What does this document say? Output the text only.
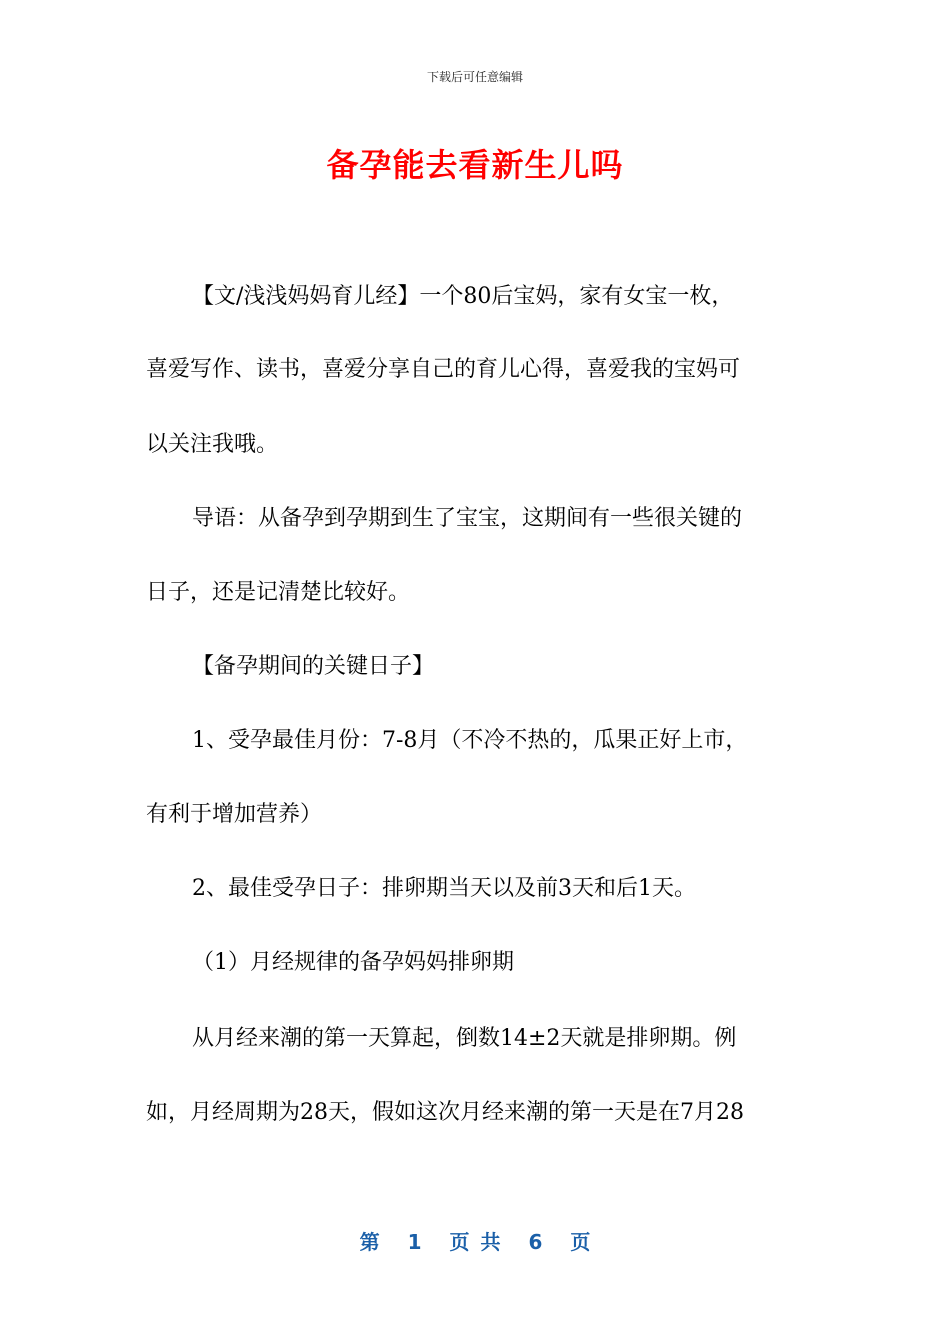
下载后可任意编辑
备孕能去看新生儿吗
【文/浅浅妈妈育儿经】一个80后宝妈，家有女宝一枚，
喜爱写作、读书，喜爱分享自己的育儿心得，喜爱我的宝妈可
以关注我哦。
导语：从备孕到孕期到生了宝宝，这期间有一些很关键的
日子，还是记清楚比较好。
【备孕期间的关键日子】
1、受孕最佳月份：7-8月（不冷不热的，瓜果正好上市，
有利于增加营养）
2、最佳受孕日子：排卵期当天以及前3天和后1天。
（1）月经规律的备孕妈妈排卵期
从月经来潮的第一天算起，倒数14±2天就是排卵期。例
如，月经周期为28天，假如这次月经来潮的第一天是在7月28
第 1 页 共 6 页
